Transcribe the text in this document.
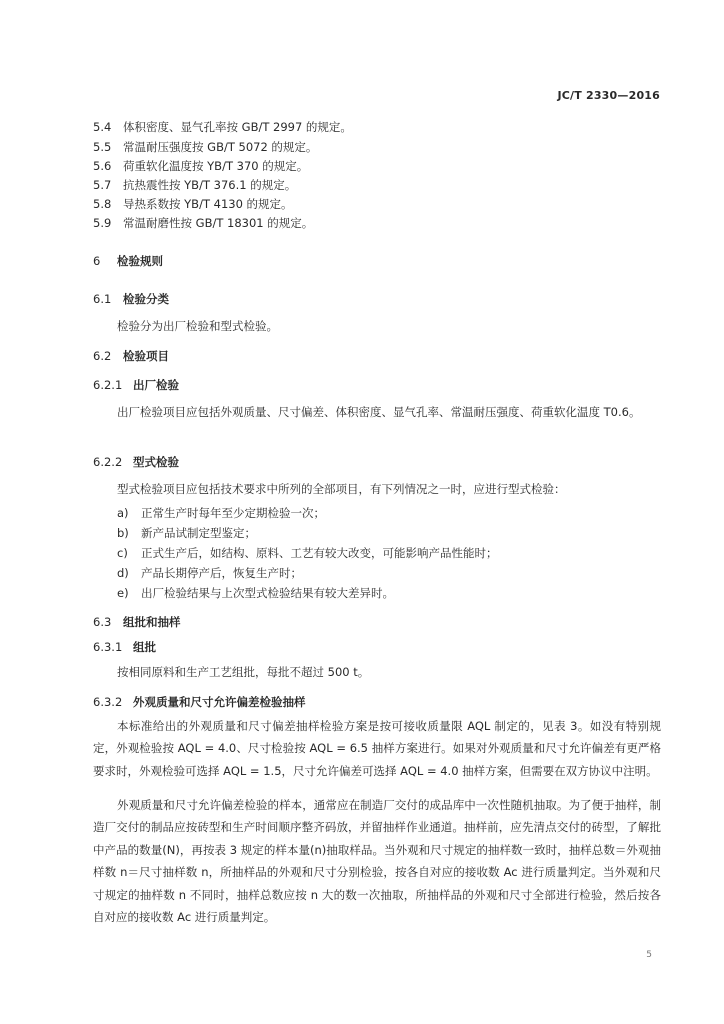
JC/T 2330—2016
5.4 体积密度、显气孔率按 GB/T 2997 的规定。
5.5 常温耐压强度按 GB/T 5072 的规定。
5.6 荷重软化温度按 YB/T 370 的规定。
5.7 抗热震性按 YB/T 376.1 的规定。
5.8 导热系数按 YB/T 4130 的规定。
5.9 常温耐磨性按 GB/T 18301 的规定。
6 检验规则
6.1 检验分类
检验分为出厂检验和型式检验。
6.2 检验项目
6.2.1 出厂检验
出厂检验项目应包括外观质量、尺寸偏差、体积密度、显气孔率、常温耐压强度、荷重软化温度 T0.6。
6.2.2 型式检验
型式检验项目应包括技术要求中所列的全部项目，有下列情况之一时，应进行型式检验：
a) 正常生产时每年至少定期检验一次；
b) 新产品试制定型鉴定；
c) 正式生产后，如结构、原料、工艺有较大改变，可能影响产品性能时；
d) 产品长期停产后，恢复生产时；
e) 出厂检验结果与上次型式检验结果有较大差异时。
6.3 组批和抽样
6.3.1 组批
按相同原料和生产工艺组批，每批不超过 500 t。
6.3.2 外观质量和尺寸允许偏差检验抽样
本标准给出的外观质量和尺寸偏差抽样检验方案是按可接收质量限 AQL 制定的，见表 3。如没有特别规定，外观检验按 AQL = 4.0、尺寸检验按 AQL = 6.5 抽样方案进行。如果对外观质量和尺寸允许偏差有更严格要求时，外观检验可选择 AQL = 1.5，尺寸允许偏差可选择 AQL = 4.0 抽样方案，但需要在双方协议中注明。
外观质量和尺寸允许偏差检验的样本，通常应在制造厂交付的成品库中一次性随机抽取。为了便于抽样，制造厂交付的制品应按砖型和生产时间顺序整齐码放，并留抽样作业通道。抽样前，应先清点交付的砖型，了解批中产品的数量(N)，再按表 3 规定的样本量(n)抽取样品。当外观和尺寸规定的抽样数一致时，抽样总数＝外观抽样数 n＝尺寸抽样数 n，所抽样品的外观和尺寸分别检验，按各自对应的接收数 Ac 进行质量判定。当外观和尺寸规定的抽样数 n 不同时，抽样总数应按 n 大的数一次抽取，所抽样品的外观和尺寸全部进行检验，然后按各自对应的接收数 Ac 进行质量判定。
5
